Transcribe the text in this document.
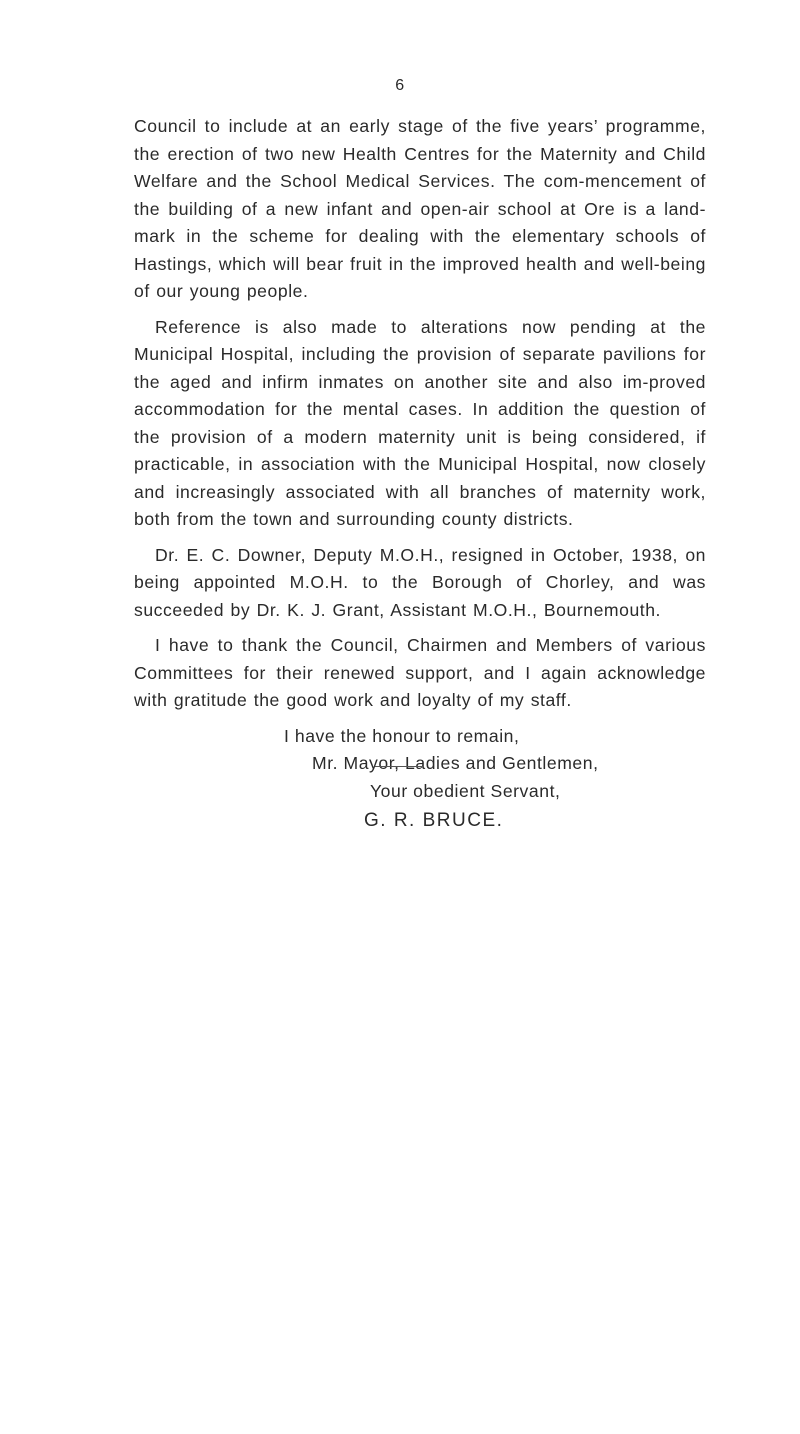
6

Council to include at an early stage of the five years’ programme, the erection of two new Health Centres for the Maternity and Child Welfare and the School Medical Services. The com-mencement of the building of a new infant and open-air school at Ore is a land-mark in the scheme for dealing with the elementary schools of Hastings, which will bear fruit in the improved health and well-being of our young people.

Reference is also made to alterations now pending at the Municipal Hospital, including the provision of separate pavilions for the aged and infirm inmates on another site and also im-proved accommodation for the mental cases. In addition the question of the provision of a modern maternity unit is being considered, if practicable, in association with the Municipal Hospital, now closely and increasingly associated with all branches of maternity work, both from the town and surrounding county districts.

Dr. E. C. Downer, Deputy M.O.H., resigned in October, 1938, on being appointed M.O.H. to the Borough of Chorley, and was succeeded by Dr. K. J. Grant, Assistant M.O.H., Bournemouth.

I have to thank the Council, Chairmen and Members of various Committees for their renewed support, and I again acknowledge with gratitude the good work and loyalty of my staff.

I have the honour to remain,
Mr. Mayor, Ladies and Gentlemen,
Your obedient Servant,
G. R. BRUCE.
